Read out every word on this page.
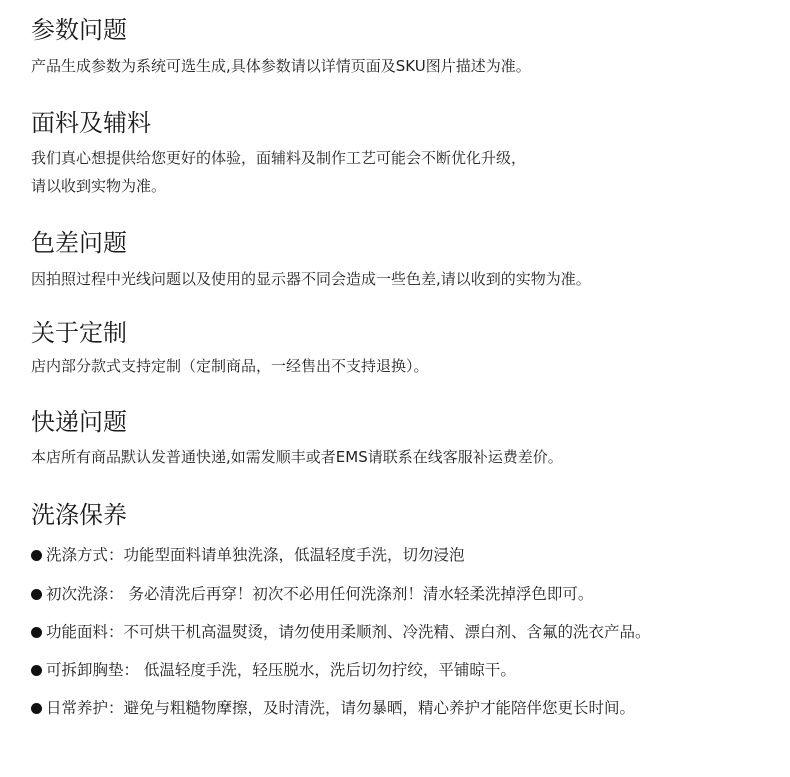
参数问题

产品生成参数为系统可选生成,具体参数请以详情页面及SKU图片描述为准。

面料及辅料

我们真心想提供给您更好的体验，面辅料及制作工艺可能会不断优化升级，

请以收到实物为准。

色差问题

因拍照过程中光线问题以及使用的显示器不同会造成一些色差,请以收到的实物为准。

关于定制

店内部分款式支持定制（定制商品，一经售出不支持退换）。

快递问题

本店所有商品默认发普通快递,如需发顺丰或者EMS请联系在线客服补运费差价。

洗涤保养
洗涤方式：功能型面料请单独洗涤，低温轻度手洗，切勿浸泡
初次洗涤： 务必清洗后再穿！初次不必用任何洗涤剂！清水轻柔洗掉浮色即可。
功能面料：不可烘干机高温熨烫，请勿使用柔顺剂、冷洗精、漂白剂、含氟的洗衣产品。
可拆卸胸垫： 低温轻度手洗，轻压脱水，洗后切勿拧绞，平铺晾干。
日常养护：避免与粗糙物摩擦，及时清洗，请勿暴晒，精心养护才能陪伴您更长时间。
